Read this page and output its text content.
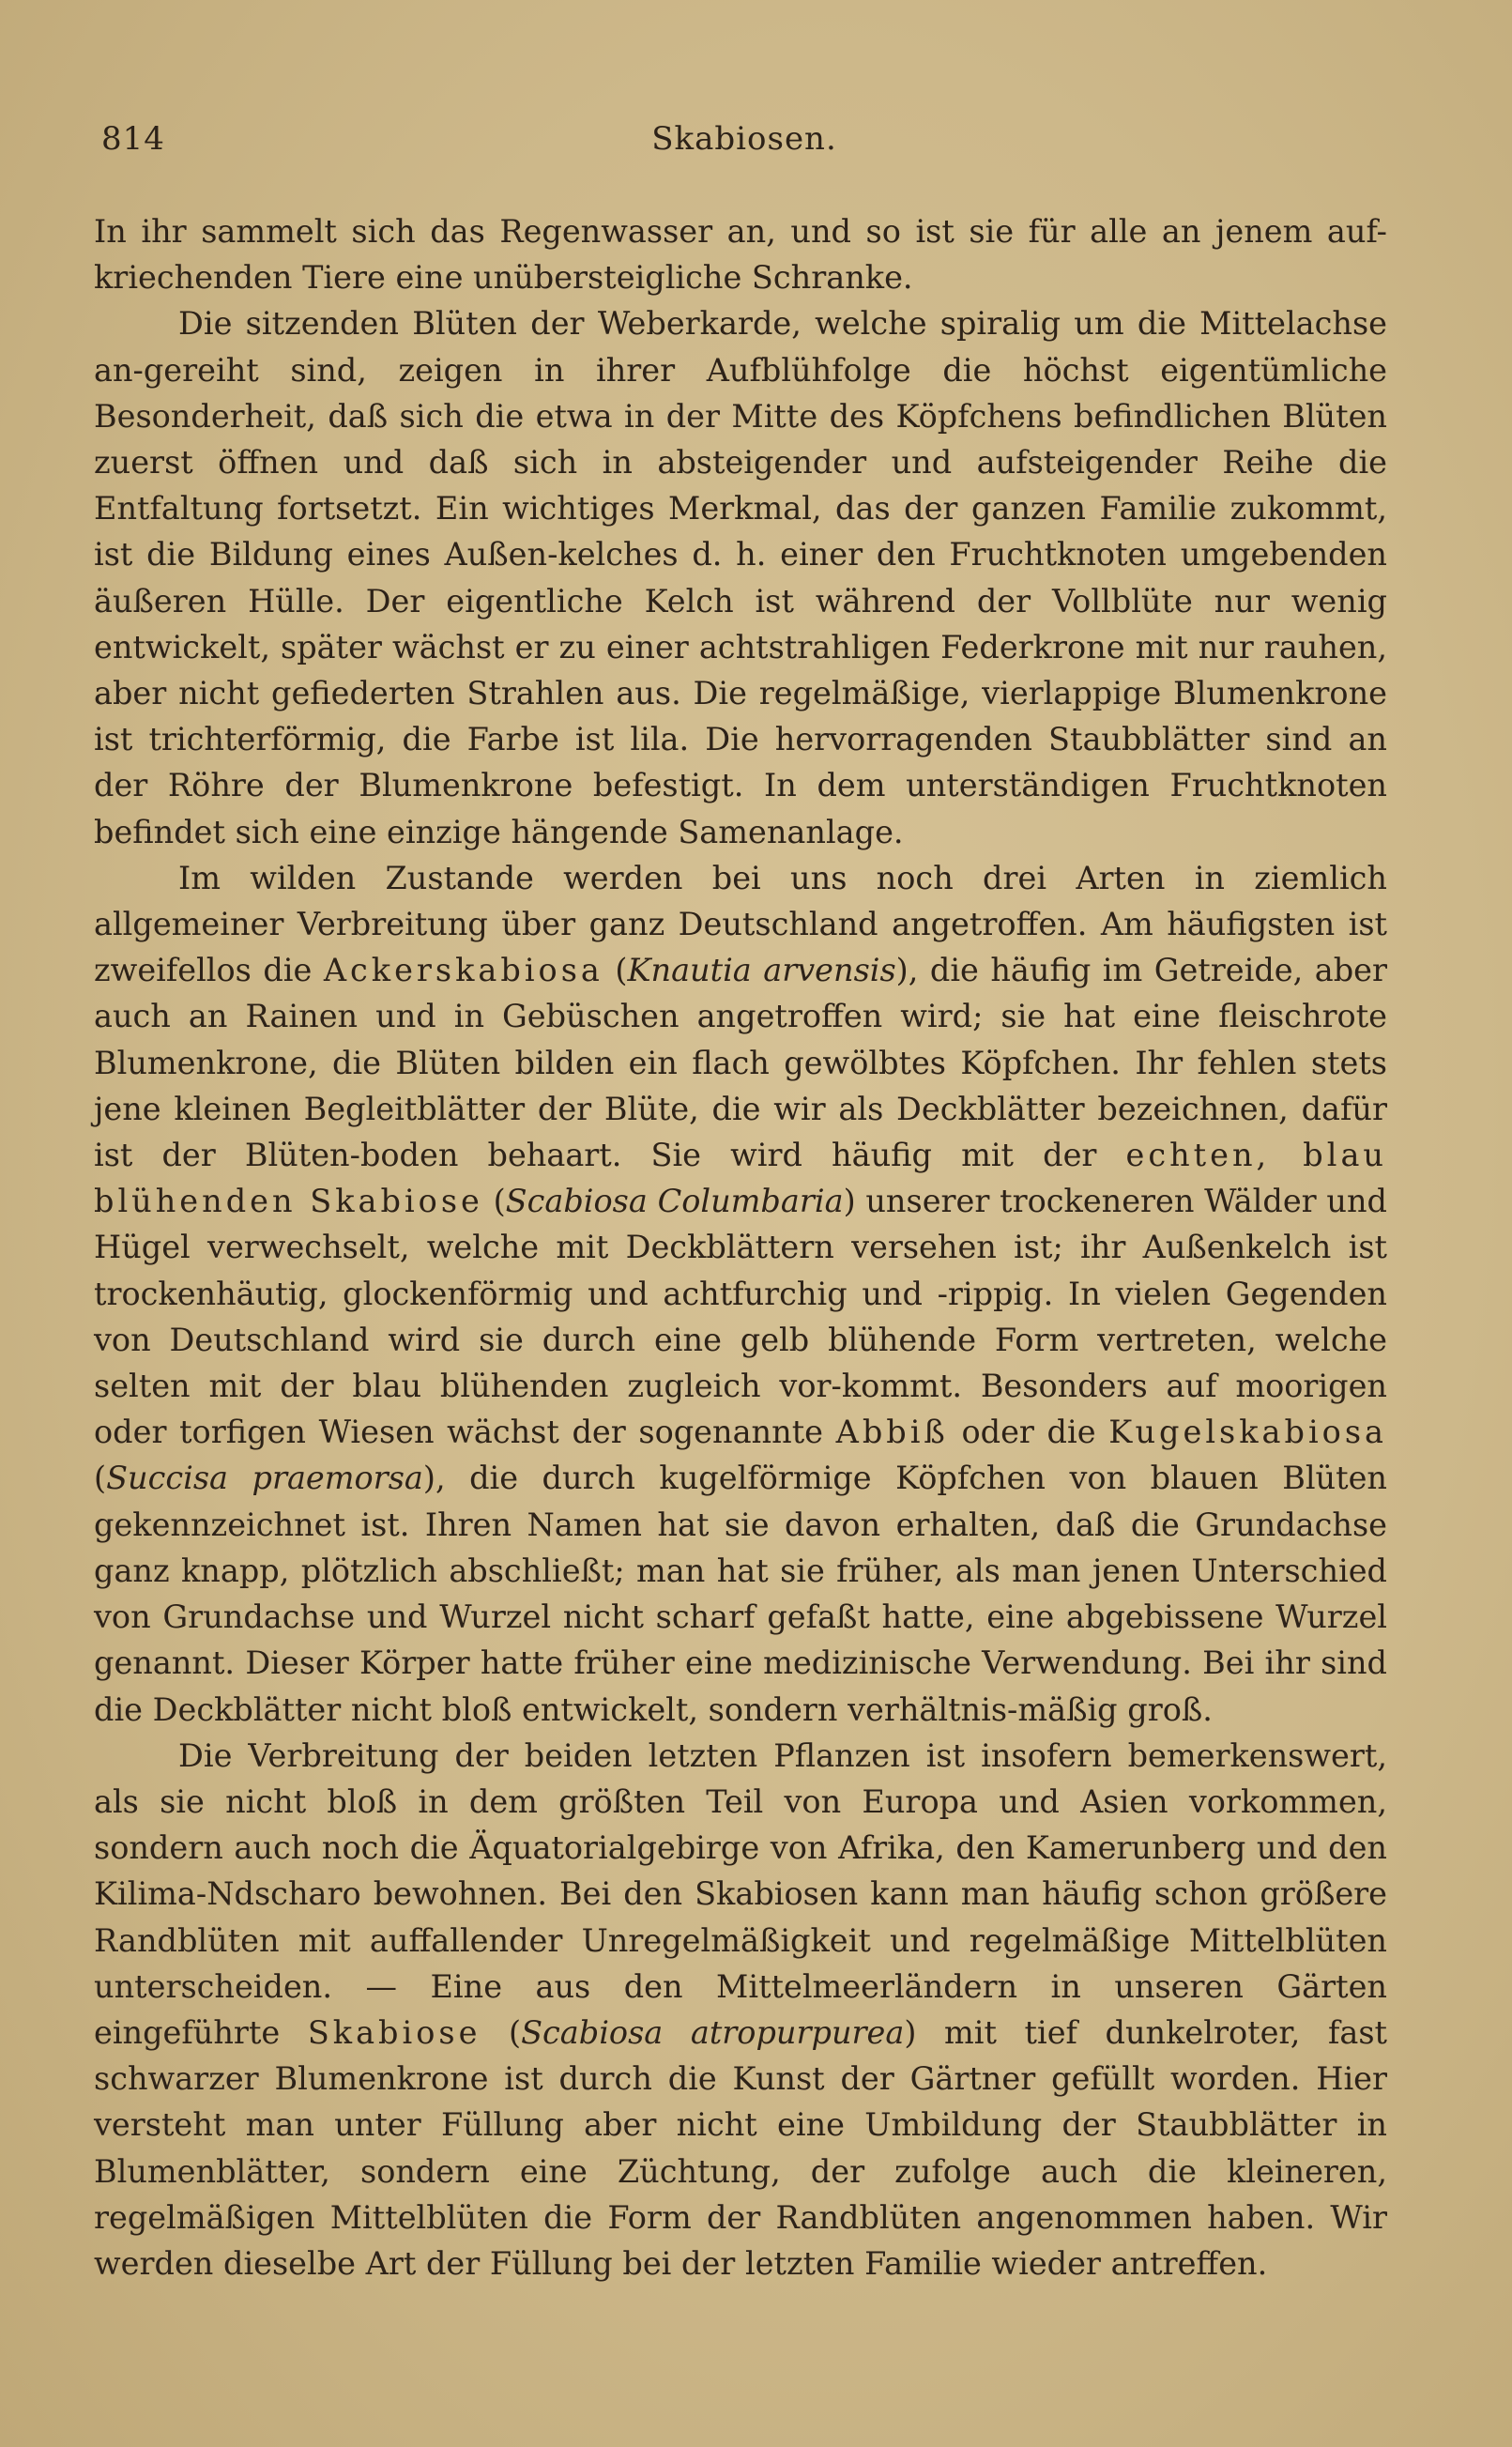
814	Skabiosen.

In ihr sammelt sich das Regenwasser an, und so ist sie für alle an jenem auf-kriechenden Tiere eine unübersteigliche Schranke.

Die sitzenden Blüten der Weberkarde, welche spiralig um die Mittelachse an-gereiht sind, zeigen in ihrer Aufblühfolge die höchst eigentümliche Besonderheit, daß sich die etwa in der Mitte des Köpfchens befindlichen Blüten zuerst öffnen und daß sich in absteigender und aufsteigender Reihe die Entfaltung fortsetzt. Ein wichtiges Merkmal, das der ganzen Familie zukommt, ist die Bildung eines Außen-kelches d. h. einer den Fruchtknoten umgebenden äußeren Hülle. Der eigentliche Kelch ist während der Vollblüte nur wenig entwickelt, später wächst er zu einer achtstrahligen Federkrone mit nur rauhen, aber nicht gefiederten Strahlen aus. Die regelmäßige, vierlappige Blumenkrone ist trichterförmig, die Farbe ist lila. Die hervorragenden Staubblätter sind an der Röhre der Blumenkrone befestigt. In dem unterständigen Fruchtknoten befindet sich eine einzige hängende Samenanlage.

Im wilden Zustande werden bei uns noch drei Arten in ziemlich allgemeiner Verbreitung über ganz Deutschland angetroffen. Am häufigsten ist zweifellos die Ackerskabiosa (Knautia arvensis), die häufig im Getreide, aber auch an Rainen und in Gebüschen angetroffen wird; sie hat eine fleischrote Blumenkrone, die Blüten bilden ein flach gewölbtes Köpfchen. Ihr fehlen stets jene kleinen Begleitblätter der Blüte, die wir als Deckblätter bezeichnen, dafür ist der Blüten-boden behaart. Sie wird häufig mit der echten, blau blühenden Skabiose (Scabiosa Columbaria) unserer trockeneren Wälder und Hügel verwechselt, welche mit Deckblättern versehen ist; ihr Außenkelch ist trockenhäutig, glockenförmig und achtfurchig und -rippig. In vielen Gegenden von Deutschland wird sie durch eine gelb blühende Form vertreten, welche selten mit der blau blühenden zugleich vor-kommt. Besonders auf moorigen oder torfigen Wiesen wächst der sogenannte Abbiß oder die Kugelskabiosa (Succisa praemorsa), die durch kugelförmige Köpfchen von blauen Blüten gekennzeichnet ist. Ihren Namen hat sie davon erhalten, daß die Grundachse ganz knapp, plötzlich abschließt; man hat sie früher, als man jenen Unterschied von Grundachse und Wurzel nicht scharf gefaßt hatte, eine abgebissene Wurzel genannt. Dieser Körper hatte früher eine medizinische Verwendung. Bei ihr sind die Deckblätter nicht bloß entwickelt, sondern verhältnis-mäßig groß.

Die Verbreitung der beiden letzten Pflanzen ist insofern bemerkenswert, als sie nicht bloß in dem größten Teil von Europa und Asien vorkommen, sondern auch noch die Äquatorialgebirge von Afrika, den Kamerunberg und den Kilima-Ndscharo bewohnen. Bei den Skabiosen kann man häufig schon größere Randblüten mit auffallender Unregelmäßigkeit und regelmäßige Mittelblüten unterscheiden. — Eine aus den Mittelmeerländern in unseren Gärten eingeführte Skabiose (Scabiosa atropurpurea) mit tief dunkelroter, fast schwarzer Blumenkrone ist durch die Kunst der Gärtner gefüllt worden. Hier versteht man unter Füllung aber nicht eine Umbildung der Staubblätter in Blumenblätter, sondern eine Züchtung, der zufolge auch die kleineren, regelmäßigen Mittelblüten die Form der Randblüten angenommen haben. Wir werden dieselbe Art der Füllung bei der letzten Familie wieder antreffen.
